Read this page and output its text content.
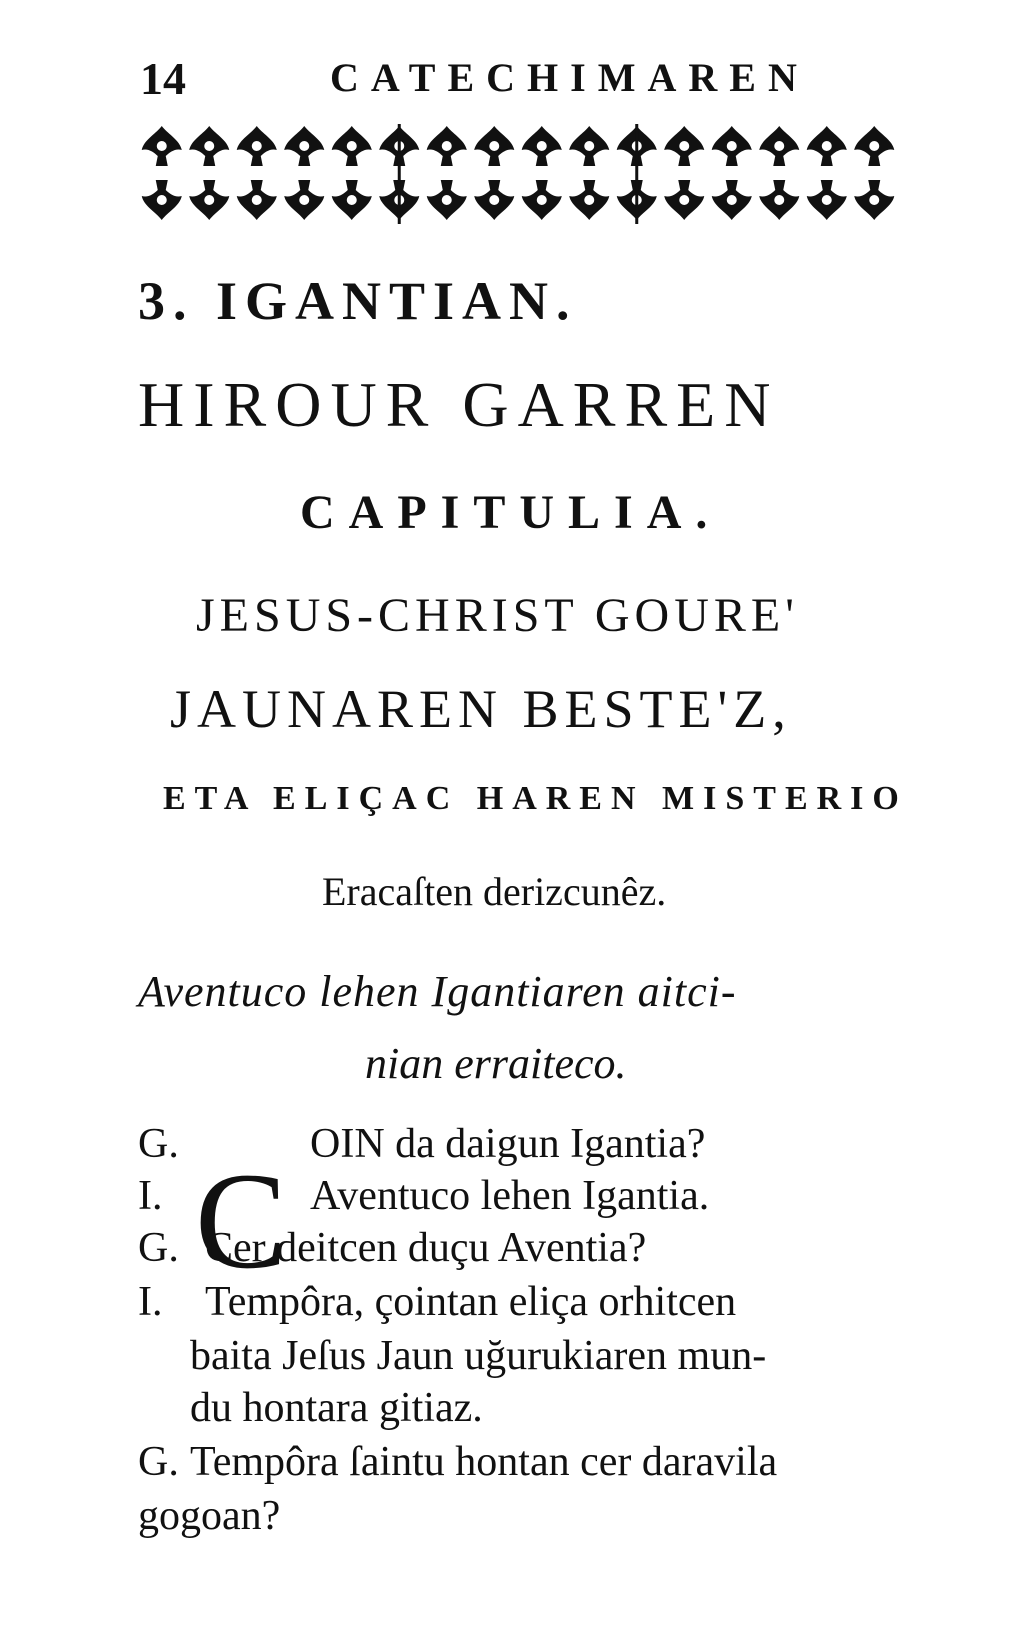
14	CATECHIMAREN
3. IGANTIAN.
HIROUR GARREN
CAPITULIA.
JESUS-CHRIST GOURE'
JAUNAREN BESTE'Z,
ETA ELIÇAC HAREN MISTERIO
Eracaſten derizcunêz.
Aventuco lehen Igantiaren aitci-
nian erraiteco.
G. C OIN da daigun Igantia?
I.	Aventuco lehen Igantia.
G. Cer deitcen duçu Aventia?
I. Tempôra, çointan eliça orhitcen
baita Jeſus Jaun uğurukiaren mun-
du hontara gitiaz.
G. Tempôra ſaintu hontan cer daravila
gogoan?
